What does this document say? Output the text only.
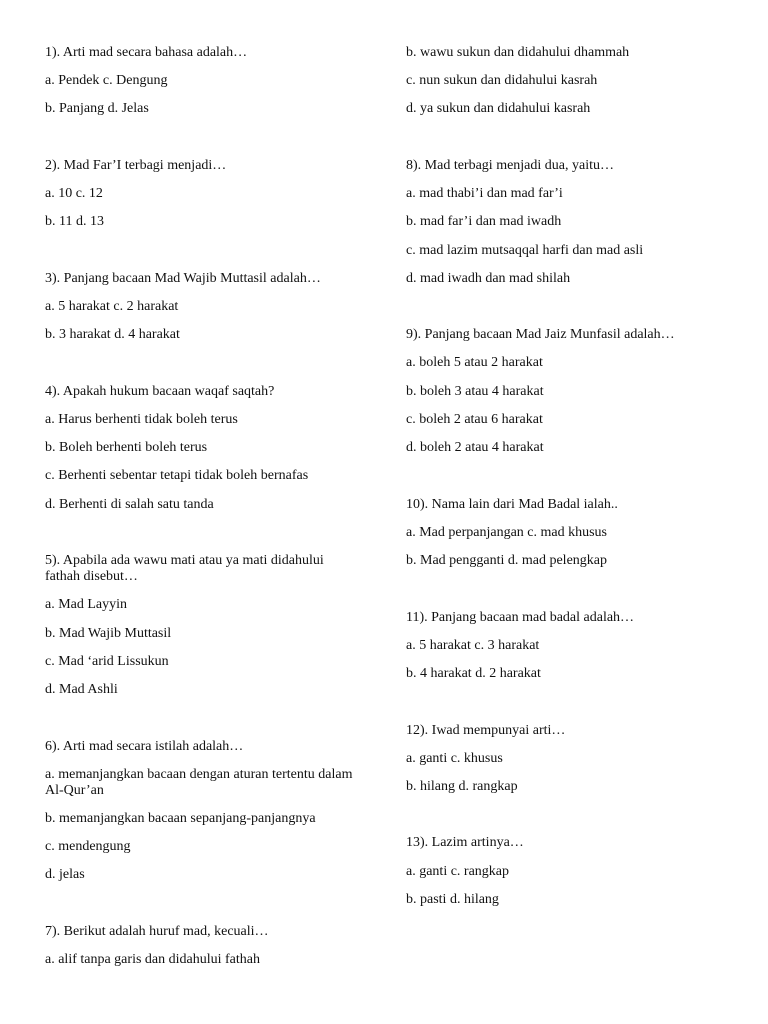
1). Arti mad secara bahasa adalah…
a. Pendek c. Dengung
b. Panjang d. Jelas
2). Mad Far’I terbagi menjadi…
a. 10 c. 12
b. 11 d. 13
3). Panjang bacaan Mad Wajib Muttasil adalah…
a. 5 harakat c. 2 harakat
b. 3 harakat d. 4 harakat
4). Apakah hukum bacaan waqaf saqtah?
a. Harus berhenti tidak boleh terus
b. Boleh berhenti boleh terus
c. Berhenti sebentar tetapi tidak boleh bernafas
d. Berhenti di salah satu tanda
5). Apabila ada wawu mati atau ya mati didahului fathah disebut…
a. Mad Layyin
b. Mad Wajib Muttasil
c. Mad ‘arid Lissukun
d. Mad Ashli
6). Arti mad secara istilah adalah…
a. memanjangkan bacaan dengan aturan tertentu dalam Al-Qur’an
b. memanjangkan bacaan sepanjang-panjangnya
c. mendengung
d. jelas
7). Berikut adalah huruf mad, kecuali…
a. alif tanpa garis dan didahului fathah
b. wawu sukun dan didahului dhammah
c. nun sukun dan didahului kasrah
d. ya sukun dan didahului kasrah
8). Mad terbagi menjadi dua, yaitu…
a. mad thabi’i dan mad far’i
b. mad far’i dan mad iwadh
c. mad lazim mutsaqqal harfi dan mad asli
d. mad iwadh dan mad shilah
9). Panjang bacaan Mad Jaiz Munfasil adalah…
a. boleh 5 atau 2 harakat
b. boleh 3 atau 4 harakat
c. boleh 2 atau 6 harakat
d. boleh 2 atau 4 harakat
10). Nama lain dari Mad Badal ialah..
a. Mad perpanjangan c. mad khusus
b. Mad pengganti d. mad pelengkap
11). Panjang bacaan mad badal adalah…
a. 5 harakat c. 3 harakat
b. 4 harakat d. 2 harakat
12). Iwad mempunyai arti…
a. ganti c. khusus
b. hilang d. rangkap
13). Lazim artinya…
a. ganti c. rangkap
b. pasti d. hilang
